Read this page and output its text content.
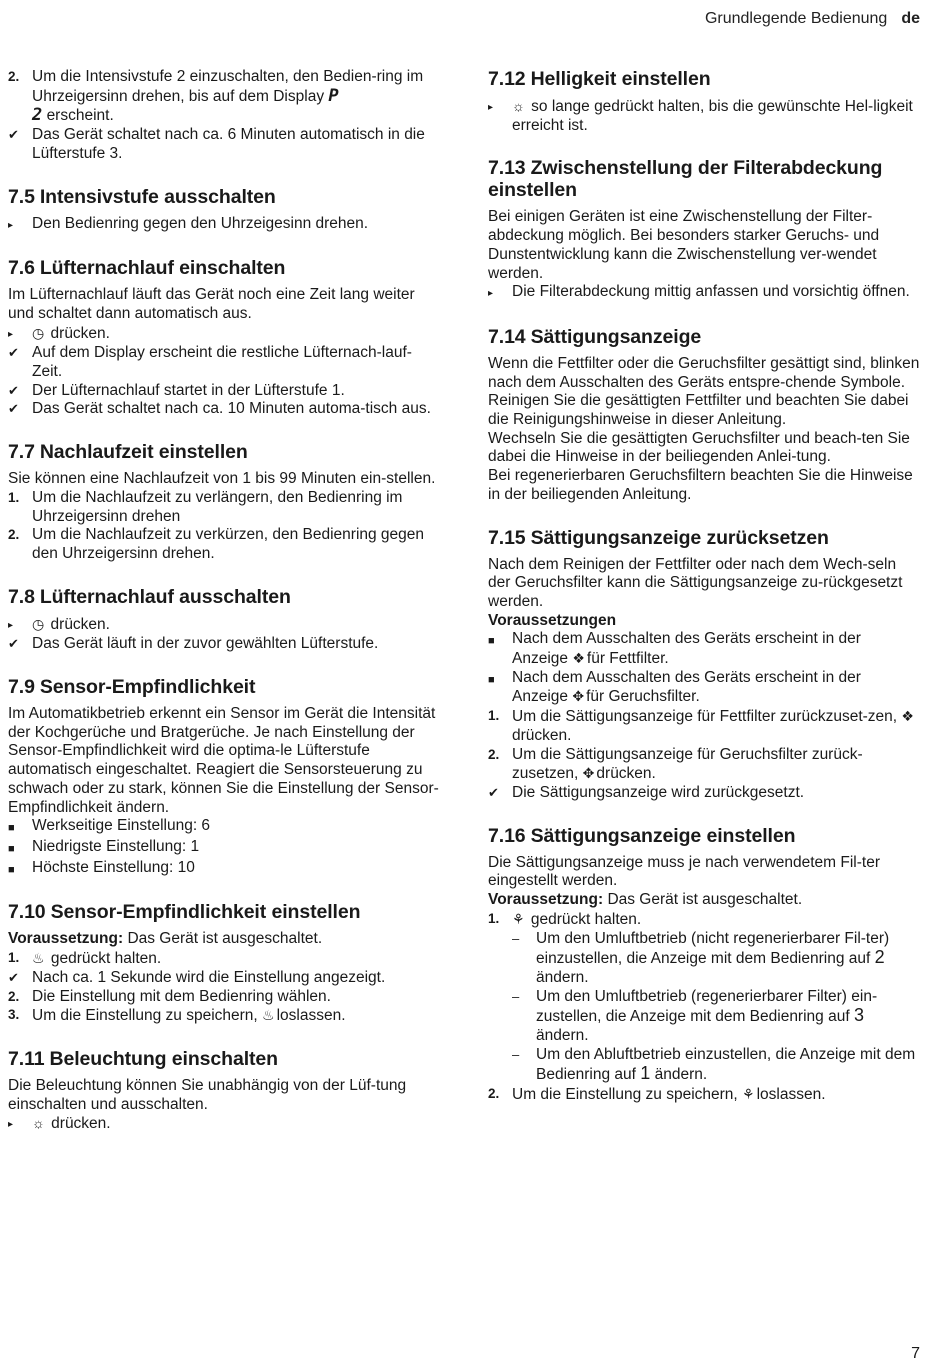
Grundlegende Bedienung de
2. Um die Intensivstufe 2 einzuschalten, den Bedien-ring im Uhrzeigersinn drehen, bis auf dem Display P
2 erscheint.
✔ Das Gerät schaltet nach ca. 6 Minuten automatisch in die Lüfterstufe 3.
7.5 Intensivstufe ausschalten
▸	Den Bedienring gegen den Uhrzeigesinn drehen.
7.6 Lüfternachlauf einschalten

Im Lüfternachlauf läuft das Gerät noch eine Zeit lang weiter und schaltet dann automatisch aus.

▸	◷ drücken.
✔ Auf dem Display erscheint die restliche Lüfternach-lauf-Zeit.
✔ Der Lüfternachlauf startet in der Lüfterstufe 1.
✔ Das Gerät schaltet nach ca. 10 Minuten automa-tisch aus.
7.7 Nachlaufzeit einstellen

Sie können eine Nachlaufzeit von 1 bis 99 Minuten ein-stellen.

1. Um die Nachlaufzeit zu verlängern, den Bedienring im Uhrzeigersinn drehen
2. Um die Nachlaufzeit zu verkürzen, den Bedienring gegen den Uhrzeigersinn drehen.
7.8 Lüfternachlauf ausschalten
▸	◷ drücken.
✔ Das Gerät läuft in der zuvor gewählten Lüfterstufe.
7.9 Sensor-Empfindlichkeit

Im Automatikbetrieb erkennt ein Sensor im Gerät die Intensität der Kochgerüche und Bratgerüche. Je nach Einstellung der Sensor-Empfindlichkeit wird die optima-le Lüfterstufe automatisch eingeschaltet. Reagiert die Sensorsteuerung zu schwach oder zu stark, können Sie die Einstellung der Sensor-Empfindlichkeit ändern.

■	Werkseitige Einstellung: 6
■	Niedrigste Einstellung: 1
■	Höchste Einstellung: 10
7.10 Sensor-Empfindlichkeit einstellen
Voraussetzung: Das Gerät ist ausgeschaltet.
1. ♨ gedrückt halten.
✔ Nach ca. 1 Sekunde wird die Einstellung angezeigt.
2. Die Einstellung mit dem Bedienring wählen.
3. Um die Einstellung zu speichern, ♨ loslassen.
7.11 Beleuchtung einschalten

Die Beleuchtung können Sie unabhängig von der Lüf-tung einschalten und ausschalten.

▸	☼ drücken.
7.12 Helligkeit einstellen
▸	☼ so lange gedrückt halten, bis die gewünschte Hel-ligkeit erreicht ist.
7.13 Zwischenstellung der Filterabdeckung einstellen

Bei einigen Geräten ist eine Zwischenstellung der Filter-abdeckung möglich. Bei besonders starker Geruchs- und Dunstentwicklung kann die Zwischenstellung ver-wendet werden.

▸	Die Filterabdeckung mittig anfassen und vorsichtig öffnen.
7.14 Sättigungsanzeige

Wenn die Fettfilter oder die Geruchsfilter gesättigt sind, blinken nach dem Ausschalten des Geräts entspre-chende Symbole.

Reinigen Sie die gesättigten Fettfilter und beachten Sie dabei die Reinigungshinweise in dieser Anleitung.

Wechseln Sie die gesättigten Geruchsfilter und beach-ten Sie dabei die Hinweise in der beiliegenden Anlei-tung.

Bei regenerierbaren Geruchsfiltern beachten Sie die Hinweise in der beiliegenden Anleitung.

7.15 Sättigungsanzeige zurücksetzen

Nach dem Reinigen der Fettfilter oder nach dem Wech-seln der Geruchsfilter kann die Sättigungsanzeige zu-rückgesetzt werden.

Voraussetzungen
■	Nach dem Ausschalten des Geräts erscheint in der Anzeige ❖ für Fettfilter.
■	Nach dem Ausschalten des Geräts erscheint in der Anzeige ✥ für Geruchsfilter.
1. Um die Sättigungsanzeige für Fettfilter zurückzuset-zen, ❖drücken.
2. Um die Sättigungsanzeige für Geruchsfilter zurück-zusetzen, ✥ drücken.
✔ Die Sättigungsanzeige wird zurückgesetzt.
7.16 Sättigungsanzeige einstellen

Die Sättigungsanzeige muss je nach verwendetem Fil-ter eingestellt werden.

Voraussetzung: Das Gerät ist ausgeschaltet.
1. ⚘ gedrückt halten.
–	Um den Umluftbetrieb (nicht regenerierbarer Fil-ter) einzustellen, die Anzeige mit dem Bedienring auf 2 ändern.
–	Um den Umluftbetrieb (regenerierbarer Filter) ein-zustellen, die Anzeige mit dem Bedienring auf 3 ändern.
–	Um den Abluftbetrieb einzustellen, die Anzeige mit dem Bedienring auf 1 ändern.
2. Um die Einstellung zu speichern, ⚘ loslassen.
7
